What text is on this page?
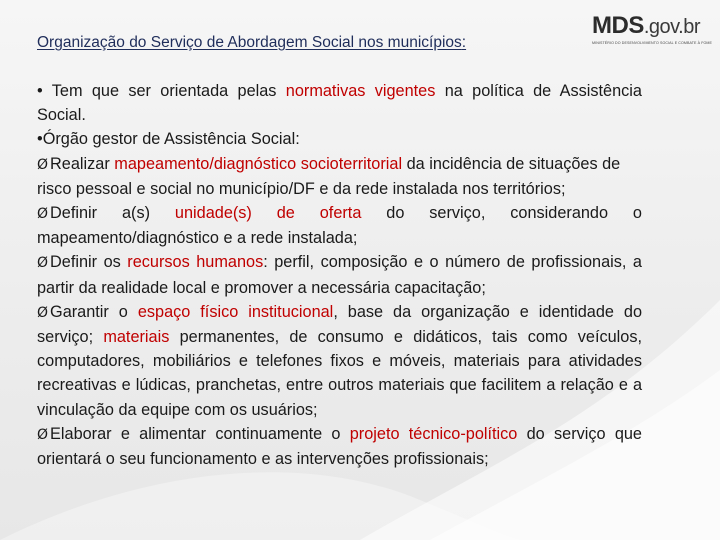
Organização do Serviço de Abordagem Social nos municípios:
MDS.gov.br
MINISTÉRIO DO DESENVOLVIMENTO SOCIAL E COMBATE À FOME

• Tem que ser orientada pelas normativas vigentes na política de Assistência Social.

•Órgão gestor de Assistência Social:

Ø Realizar mapeamento/diagnóstico socioterritorial da incidência de situações de

risco pessoal e social no município/DF e da rede instalada nos territórios;

Ø Definir a(s) unidade(s) de oferta do serviço, considerando o mapeamento/diagnóstico e a rede instalada;

Ø Definir os recursos humanos: perfil, composição e o número de profissionais, a partir da realidade local e promover a necessária capacitação;

Ø Garantir o espaço físico institucional, base da organização e identidade do serviço; materiais permanentes, de consumo e didáticos, tais como veículos, computadores, mobiliários e telefones fixos e móveis, materiais para atividades recreativas e lúdicas, pranchetas, entre outros materiais que facilitem a relação e a vinculação da equipe com os usuários;

Ø Elaborar e alimentar continuamente o projeto técnico-político do serviço que orientará o seu funcionamento e as intervenções profissionais;
